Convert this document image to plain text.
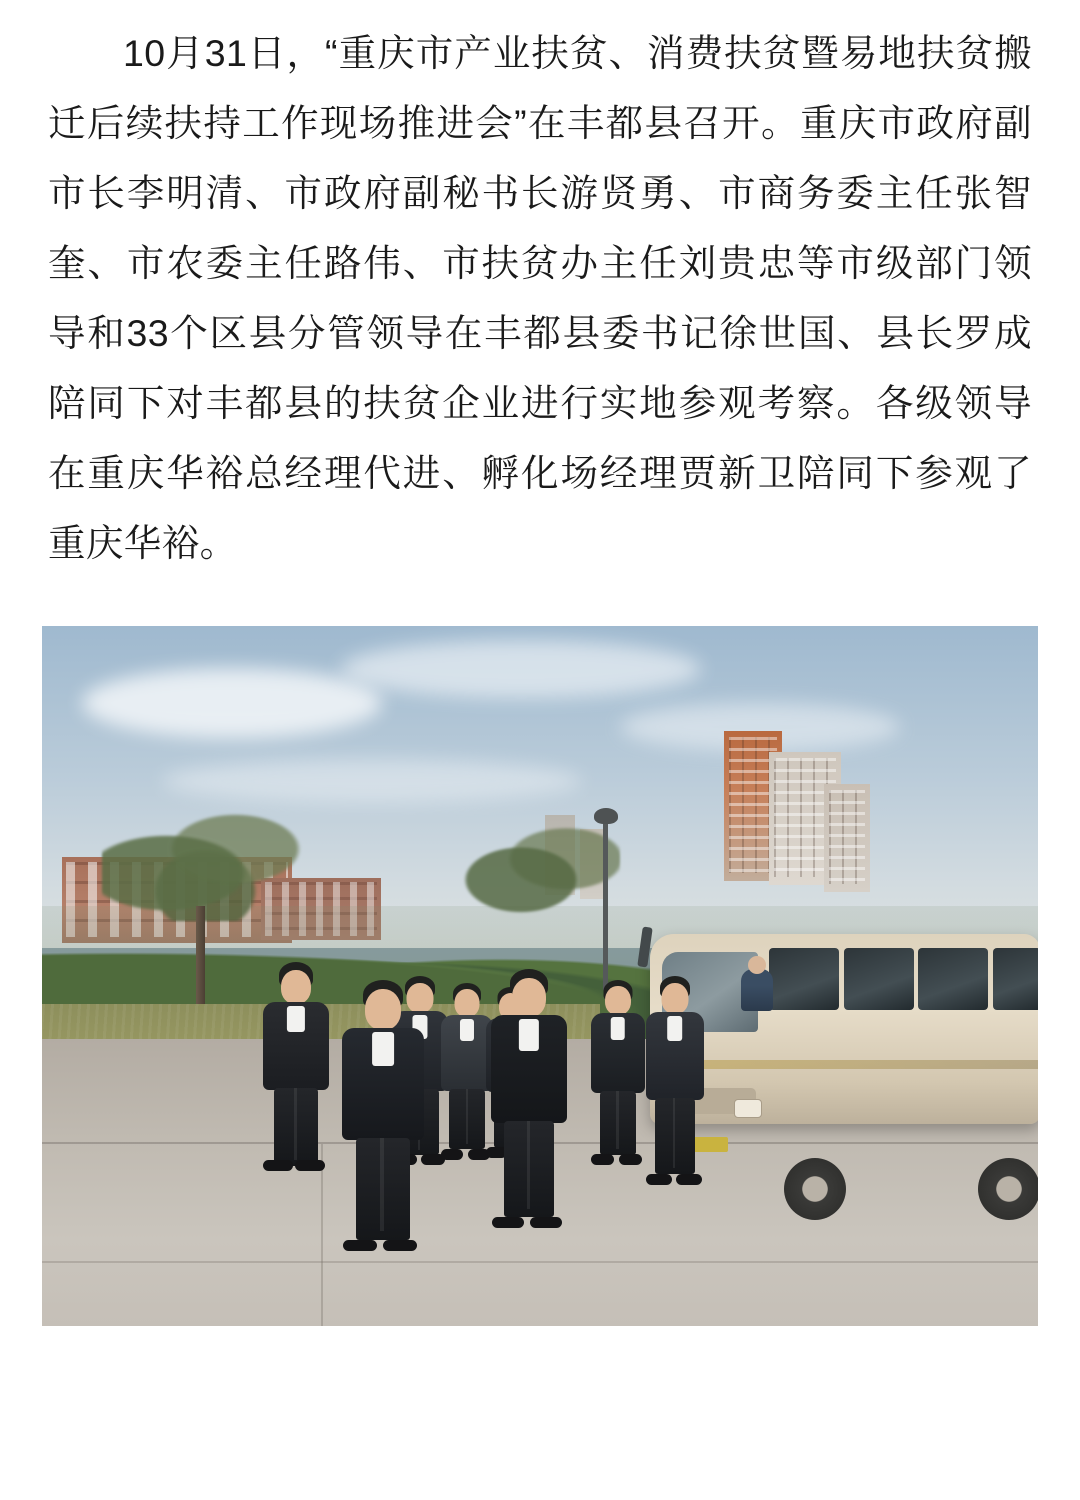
10月31日，“重庆市产业扶贫、消费扶贫暨易地扶贫搬迁后续扶持工作现场推进会”在丰都县召开。重庆市政府副市长李明清、市政府副秘书长游贤勇、市商务委主任张智奎、市农委主任路伟、市扶贫办主任刘贵忠等市级部门领导和33个区县分管领导在丰都县委书记徐世国、县长罗成陪同下对丰都县的扶贫企业进行实地参观考察。各级领导在重庆华裕总经理代进、孵化场经理贾新卫陪同下参观了重庆华裕。
